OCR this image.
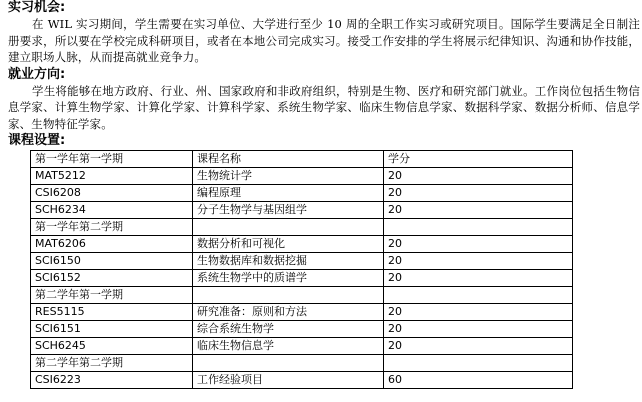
实习机会:
在 WIL 实习期间，学生需要在实习单位、大学进行至少 10 周的全职工作实习或研究项目。国际学生要满足全日制注册要求，所以要在学校完成科研项目，或者在本地公司完成实习。接受工作安排的学生将展示纪律知识、沟通和协作技能，建立职场人脉，从而提高就业竞争力。
就业方向:
学生将能够在地方政府、行业、州、国家政府和非政府组织，特别是生物、医疗和研究部门就业。工作岗位包括生物信息学家、计算生物学家、计算化学家、计算科学家、系统生物学家、临床生物信息学家、数据科学家、数据分析师、信息学家、生物特征学家。
课程设置:
第一学年第一学期	课程名称	学分
MAT5212	生物统计学	20
CSI6208	编程原理	20
SCH6234	分子生物学与基因组学	20
第一学年第二学期		
MAT6206	数据分析和可视化	20
SCI6150	生物数据库和数据挖掘	20
SCI6152	系统生物学中的质谱学	20
第二学年第一学期		
RES5115	研究准备：原则和方法	20
SCI6151	综合系统生物学	20
SCH6245	临床生物信息学	20
第二学年第二学期		
CSI6223	工作经验项目	60
